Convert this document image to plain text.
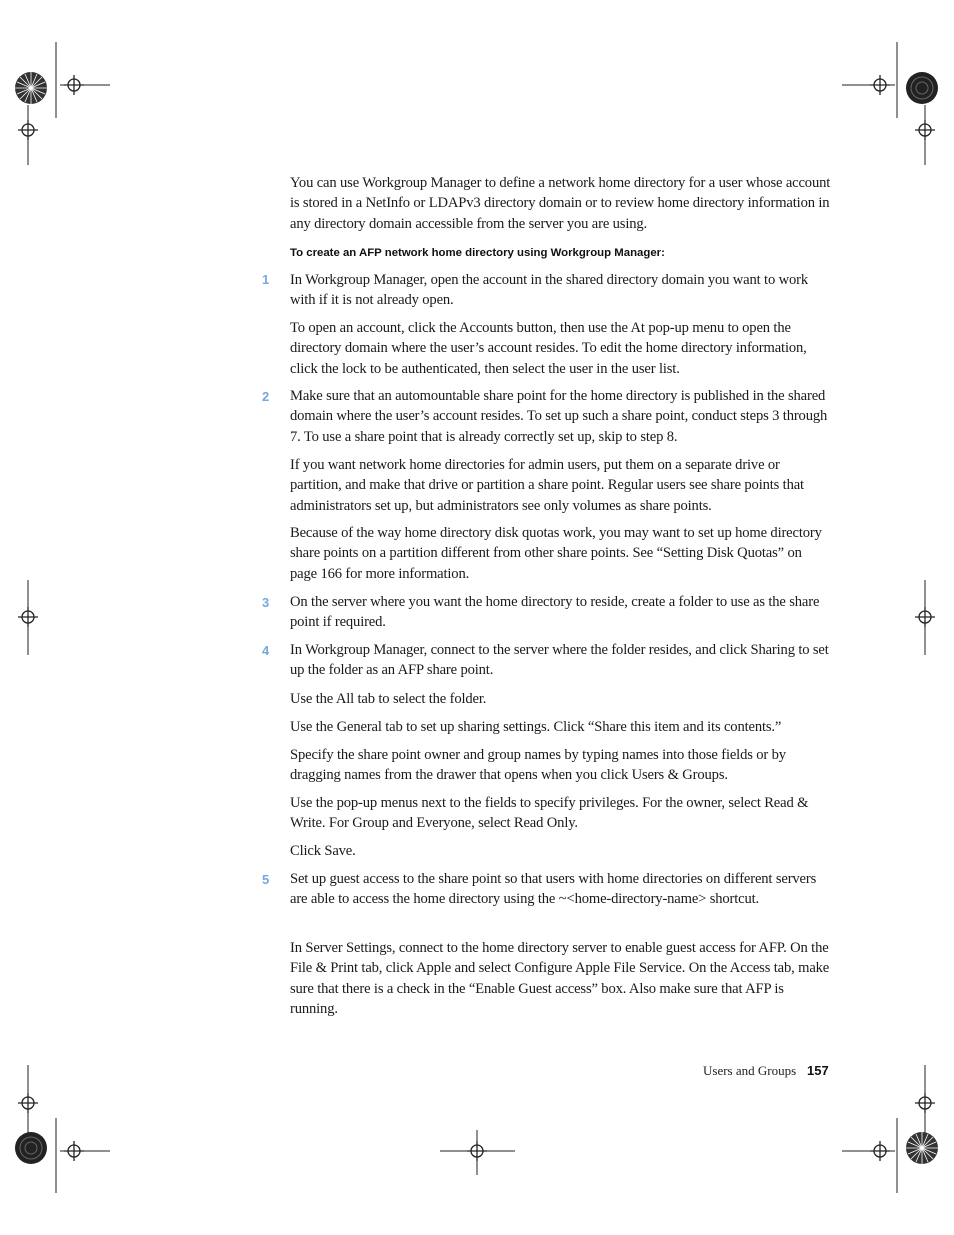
You can use Workgroup Manager to define a network home directory for a user whose account is stored in a NetInfo or LDAPv3 directory domain or to review home directory information in any directory domain accessible from the server you are using.

To create an AFP network home directory using Workgroup Manager:
1 In Workgroup Manager, open the account in the shared directory domain you want to work with if it is not already open.

To open an account, click the Accounts button, then use the At pop-up menu to open the directory domain where the user’s account resides. To edit the home directory information, click the lock to be authenticated, then select the user in the user list.

2 Make sure that an automountable share point for the home directory is published in the shared domain where the user’s account resides. To set up such a share point, conduct steps 3 through 7. To use a share point that is already correctly set up, skip to step 8.

If you want network home directories for admin users, put them on a separate drive or partition, and make that drive or partition a share point. Regular users see share points that administrators set up, but administrators see only volumes as share points.

Because of the way home directory disk quotas work, you may want to set up home directory share points on a partition different from other share points. See “Setting Disk Quotas” on page 166 for more information.

3 On the server where you want the home directory to reside, create a folder to use as the share point if required.

4 In Workgroup Manager, connect to the server where the folder resides, and click Sharing to set up the folder as an AFP share point.

Use the All tab to select the folder.

Use the General tab to set up sharing settings. Click “Share this item and its contents.”

Specify the share point owner and group names by typing names into those fields or by dragging names from the drawer that opens when you click Users & Groups.

Use the pop-up menus next to the fields to specify privileges. For the owner, select Read & Write. For Group and Everyone, select Read Only.

Click Save.

5 Set up guest access to the share point so that users with home directories on different servers are able to access the home directory using the ~<home-directory-name> shortcut.

In Server Settings, connect to the home directory server to enable guest access for AFP. On the File & Print tab, click Apple and select Configure Apple File Service. On the Access tab, make sure that there is a check in the “Enable Guest access” box. Also make sure that AFP is running.

Users and Groups 157
